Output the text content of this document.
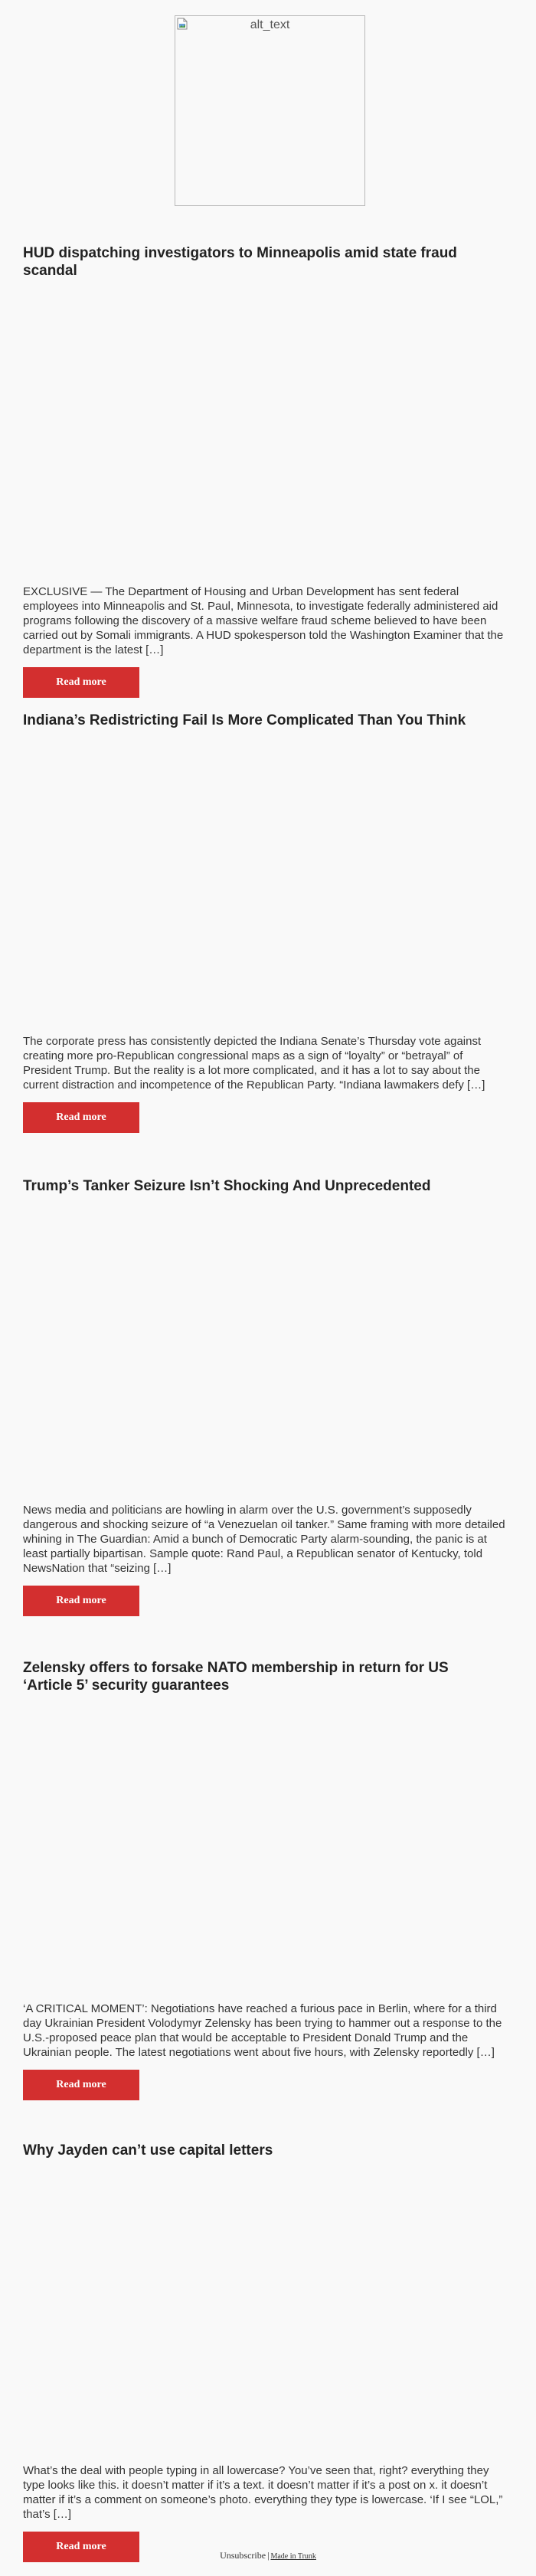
alt_text
HUD dispatching investigators to Minneapolis amid state fraud scandal

EXCLUSIVE — The Department of Housing and Urban Development has sent federal employees into Minneapolis and St. Paul, Minnesota, to investigate federally administered aid programs following the discovery of a massive welfare fraud scheme believed to have been carried out by Somali immigrants. A HUD spokesperson told the Washington Examiner that the department is the latest […]

Read more
Indiana’s Redistricting Fail Is More Complicated Than You Think

The corporate press has consistently depicted the Indiana Senate’s Thursday vote against creating more pro-Republican congressional maps as a sign of “loyalty” or “betrayal” of President Trump. But the reality is a lot more complicated, and it has a lot to say about the current distraction and incompetence of the Republican Party. “Indiana lawmakers defy […]

Read more
Trump’s Tanker Seizure Isn’t Shocking And Unprecedented

News media and politicians are howling in alarm over the U.S. government’s supposedly dangerous and shocking seizure of “a Venezuelan oil tanker.” Same framing with more detailed whining in The Guardian: Amid a bunch of Democratic Party alarm-sounding, the panic is at least partially bipartisan. Sample quote: Rand Paul, a Republican senator of Kentucky, told NewsNation that “seizing […]

Read more
Zelensky offers to forsake NATO membership in return for US ‘Article 5’ security guarantees

‘A CRITICAL MOMENT’: Negotiations have reached a furious pace in Berlin, where for a third day Ukrainian President Volodymyr Zelensky has been trying to hammer out a response to the U.S.-proposed peace plan that would be acceptable to President Donald Trump and the Ukrainian people. The latest negotiations went about five hours, with Zelensky reportedly […]

Read more
Why Jayden can’t use capital letters

What’s the deal with people typing in all lowercase? You’ve seen that, right? everything they type looks like this. it doesn’t matter if it’s a text. it doesn’t matter if it’s a post on x. it doesn’t matter if it’s a comment on someone’s photo. everything they type is lowercase. ‘If I see “LOL,” that’s […]

Read more
Unsubscribe | Made in Trunk
